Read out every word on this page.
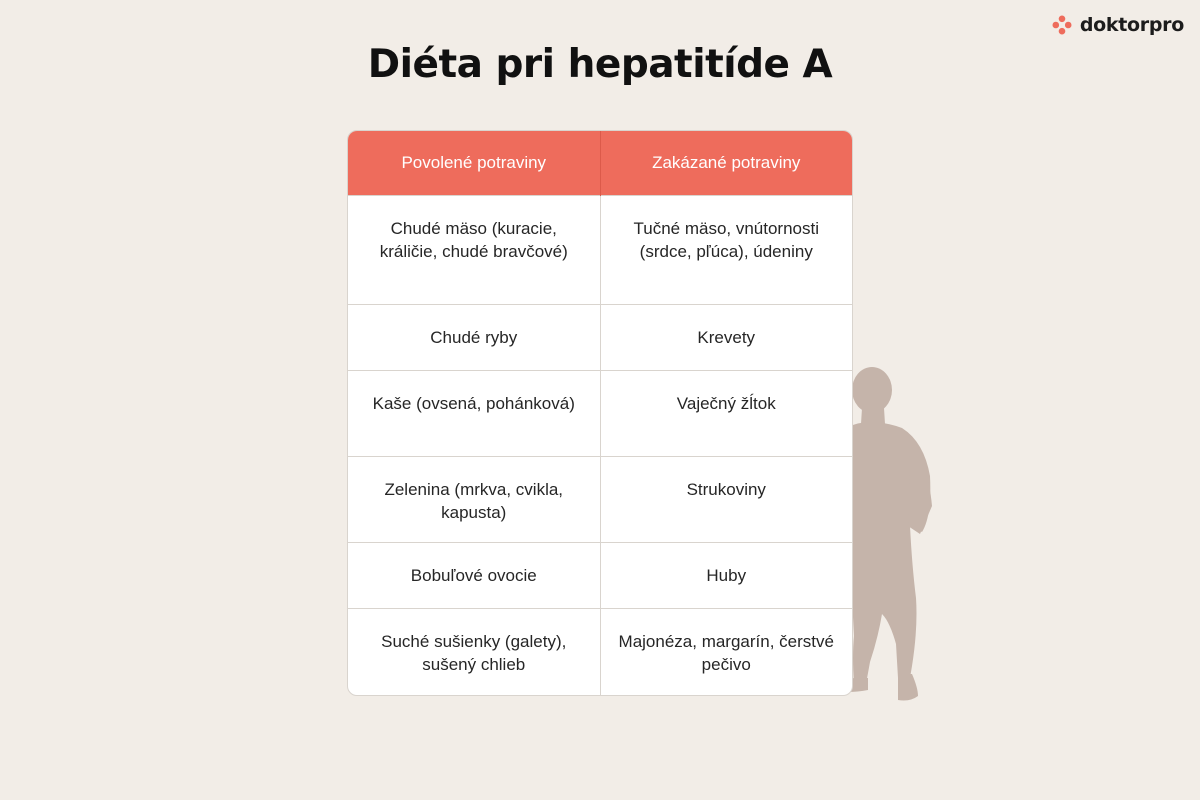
doktorpro
Diéta pri hepatitíde A
Povolené potraviny	Zakázané potraviny
Chudé mäso (kuracie, králičie, chudé bravčové)	Tučné mäso, vnútornosti (srdce, pľúca), údeniny
Chudé ryby	Krevety
Kaše (ovsená, pohánková)	Vaječný žĺtok
Zelenina (mrkva, cvikla, kapusta)	Strukoviny
Bobuľové ovocie	Huby
Suché sušienky (galety), sušený chlieb	Majonéza, margarín, čerstvé pečivo
